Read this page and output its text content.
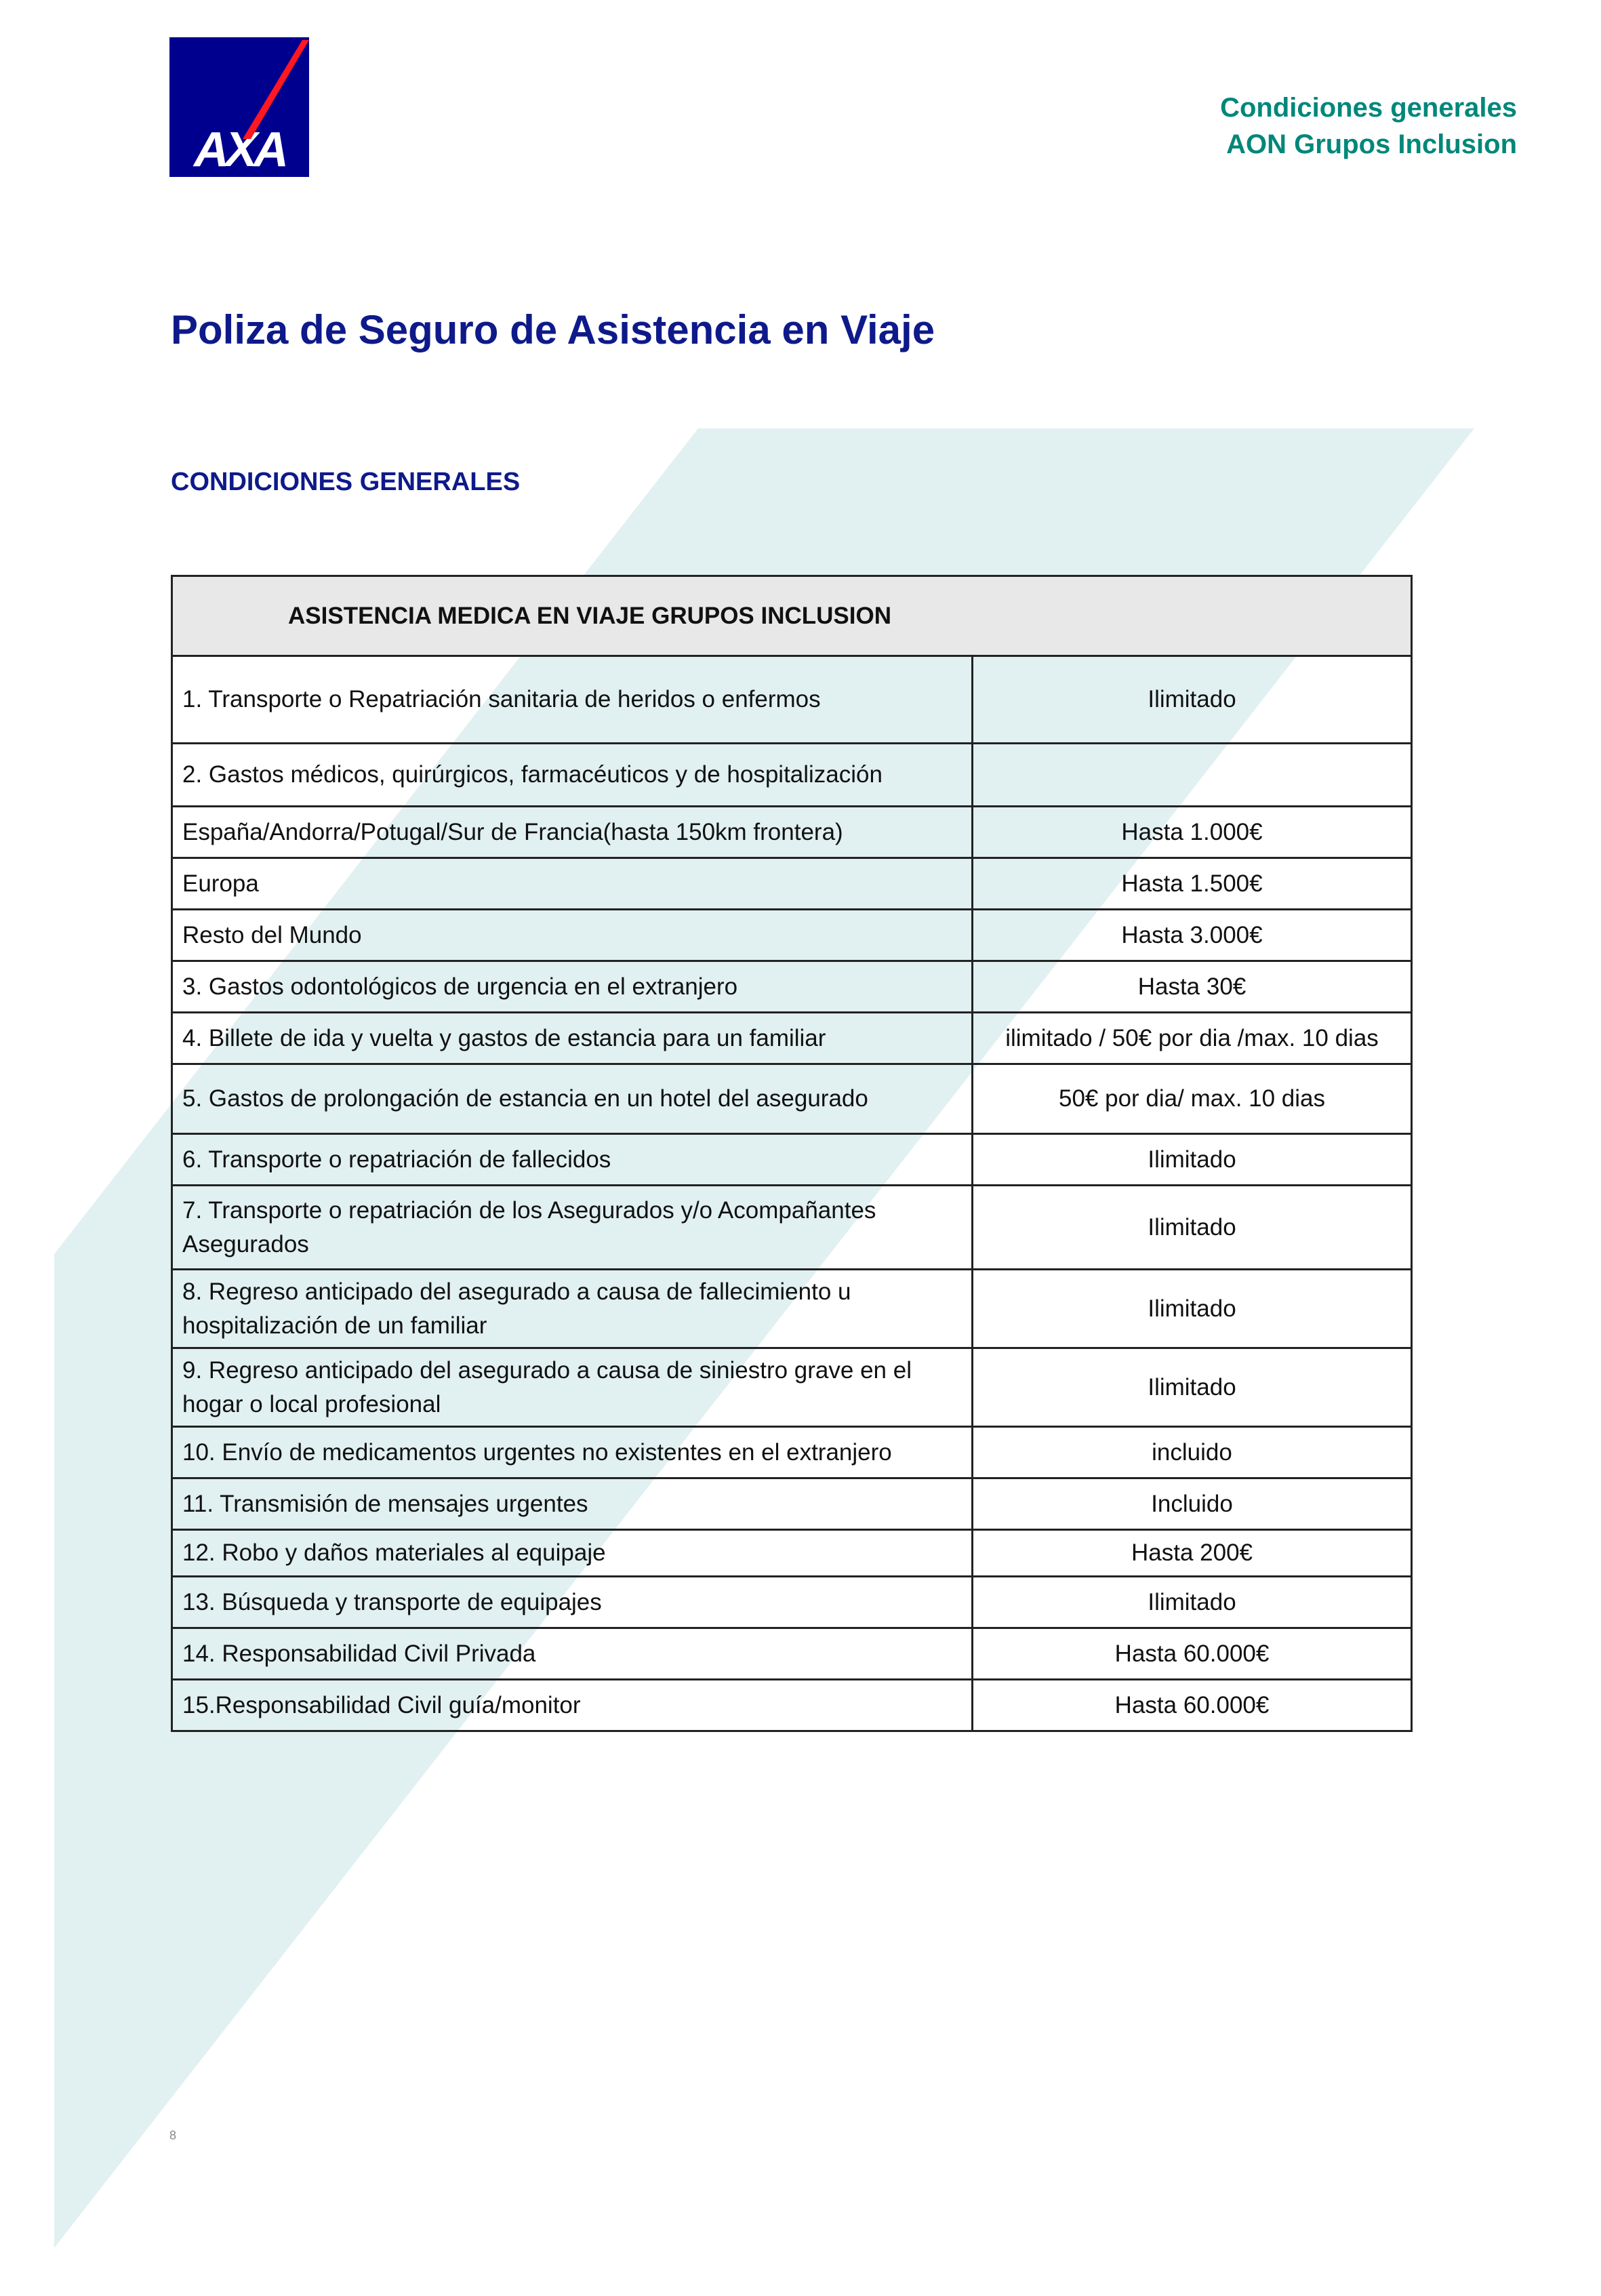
AXA
Condiciones generales
AON Grupos Inclusion
Poliza de Seguro de Asistencia en Viaje
CONDICIONES GENERALES
ASISTENCIA MEDICA EN VIAJE GRUPOS INCLUSION	
1. Transporte o Repatriación sanitaria de heridos o enfermos	Ilimitado
2. Gastos médicos, quirúrgicos, farmacéuticos y de hospitalización	
España/Andorra/Potugal/Sur de Francia(hasta 150km frontera)	Hasta 1.000€
Europa	Hasta 1.500€
Resto del Mundo	Hasta 3.000€
3. Gastos odontológicos de urgencia en el extranjero	Hasta 30€
4. Billete de ida y vuelta y gastos de estancia para un familiar	ilimitado / 50€ por dia /max. 10 dias
5. Gastos de prolongación de estancia en un hotel del asegurado	50€ por dia/ max. 10 dias
6. Transporte o repatriación de fallecidos	Ilimitado
7. Transporte o repatriación de los Asegurados y/o Acompañantes Asegurados	Ilimitado
8. Regreso anticipado del asegurado a causa de fallecimiento u hospitalización de un familiar	Ilimitado
9. Regreso anticipado del asegurado a causa de siniestro grave en el hogar o local profesional	Ilimitado
10. Envío de medicamentos urgentes no existentes en el extranjero	incluido
11. Transmisión de mensajes urgentes	Incluido
12. Robo y daños materiales al equipaje	Hasta 200€
13. Búsqueda y transporte de equipajes	Ilimitado
14. Responsabilidad Civil Privada	Hasta 60.000€
15.Responsabilidad Civil guía/monitor	Hasta 60.000€
8
